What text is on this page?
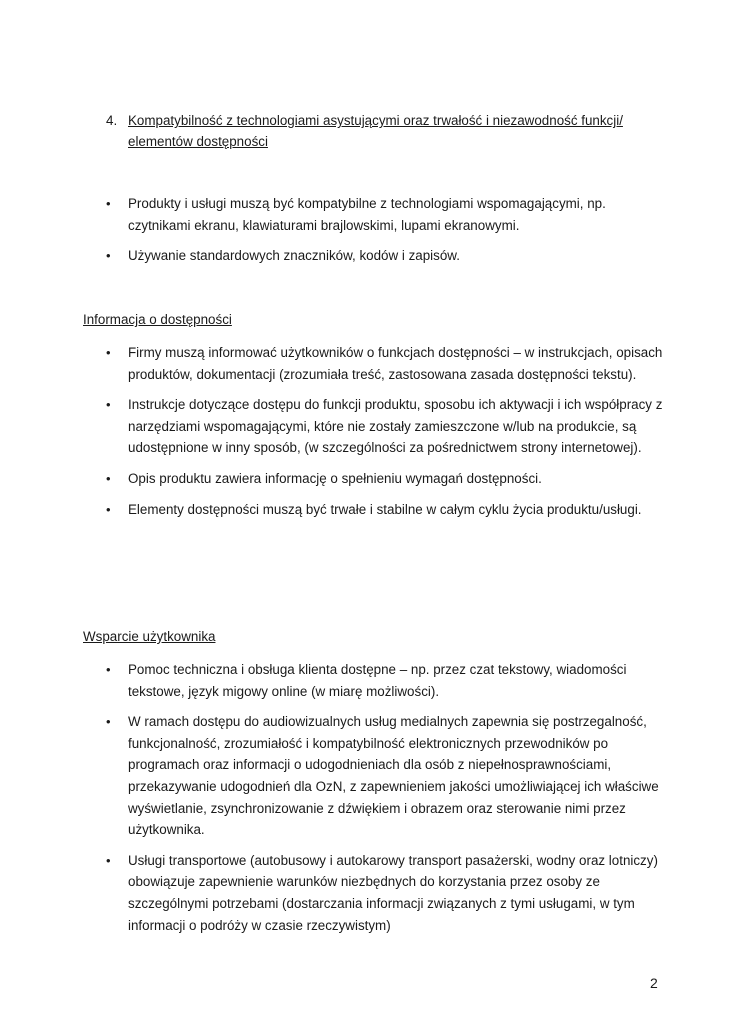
4. Kompatybilność z technologiami asystującymi oraz trwałość i niezawodność funkcji/ elementów dostępności
• Produkty i usługi muszą być kompatybilne z technologiami wspomagającymi, np. czytnikami ekranu, klawiaturami brajlowskimi, lupami ekranowymi.
• Używanie standardowych znaczników, kodów i zapisów.
Informacja o dostępności
• Firmy muszą informować użytkowników o funkcjach dostępności – w instrukcjach, opisach produktów, dokumentacji (zrozumiała treść, zastosowana zasada dostępności tekstu).
• Instrukcje dotyczące dostępu do funkcji produktu, sposobu ich aktywacji i ich współpracy z narzędziami wspomagającymi, które nie zostały zamieszczone w/lub na produkcie, są udostępnione w inny sposób, (w szczególności za pośrednictwem strony internetowej).
• Opis produktu zawiera informację o spełnieniu wymagań dostępności.
• Elementy dostępności muszą być trwałe i stabilne w całym cyklu życia produktu/usługi.
Wsparcie użytkownika
• Pomoc techniczna i obsługa klienta dostępne – np. przez czat tekstowy, wiadomości tekstowe, język migowy online (w miarę możliwości).
• W ramach dostępu do audiowizualnych usług medialnych zapewnia się postrzegalność, funkcjonalność, zrozumiałość i kompatybilność elektronicznych przewodników po programach oraz informacji o udogodnieniach dla osób z niepełnosprawnościami, przekazywanie udogodnień dla OzN, z zapewnieniem jakości umożliwiającej ich właściwe wyświetlanie, zsynchronizowanie z dźwiękiem i obrazem oraz sterowanie nimi przez użytkownika.
• Usługi transportowe (autobusowy i autokarowy transport pasażerski, wodny oraz lotniczy) obowiązuje zapewnienie warunków niezbędnych do korzystania przez osoby ze szczególnymi potrzebami (dostarczania informacji związanych z tymi usługami, w tym informacji o podróży w czasie rzeczywistym)
2
